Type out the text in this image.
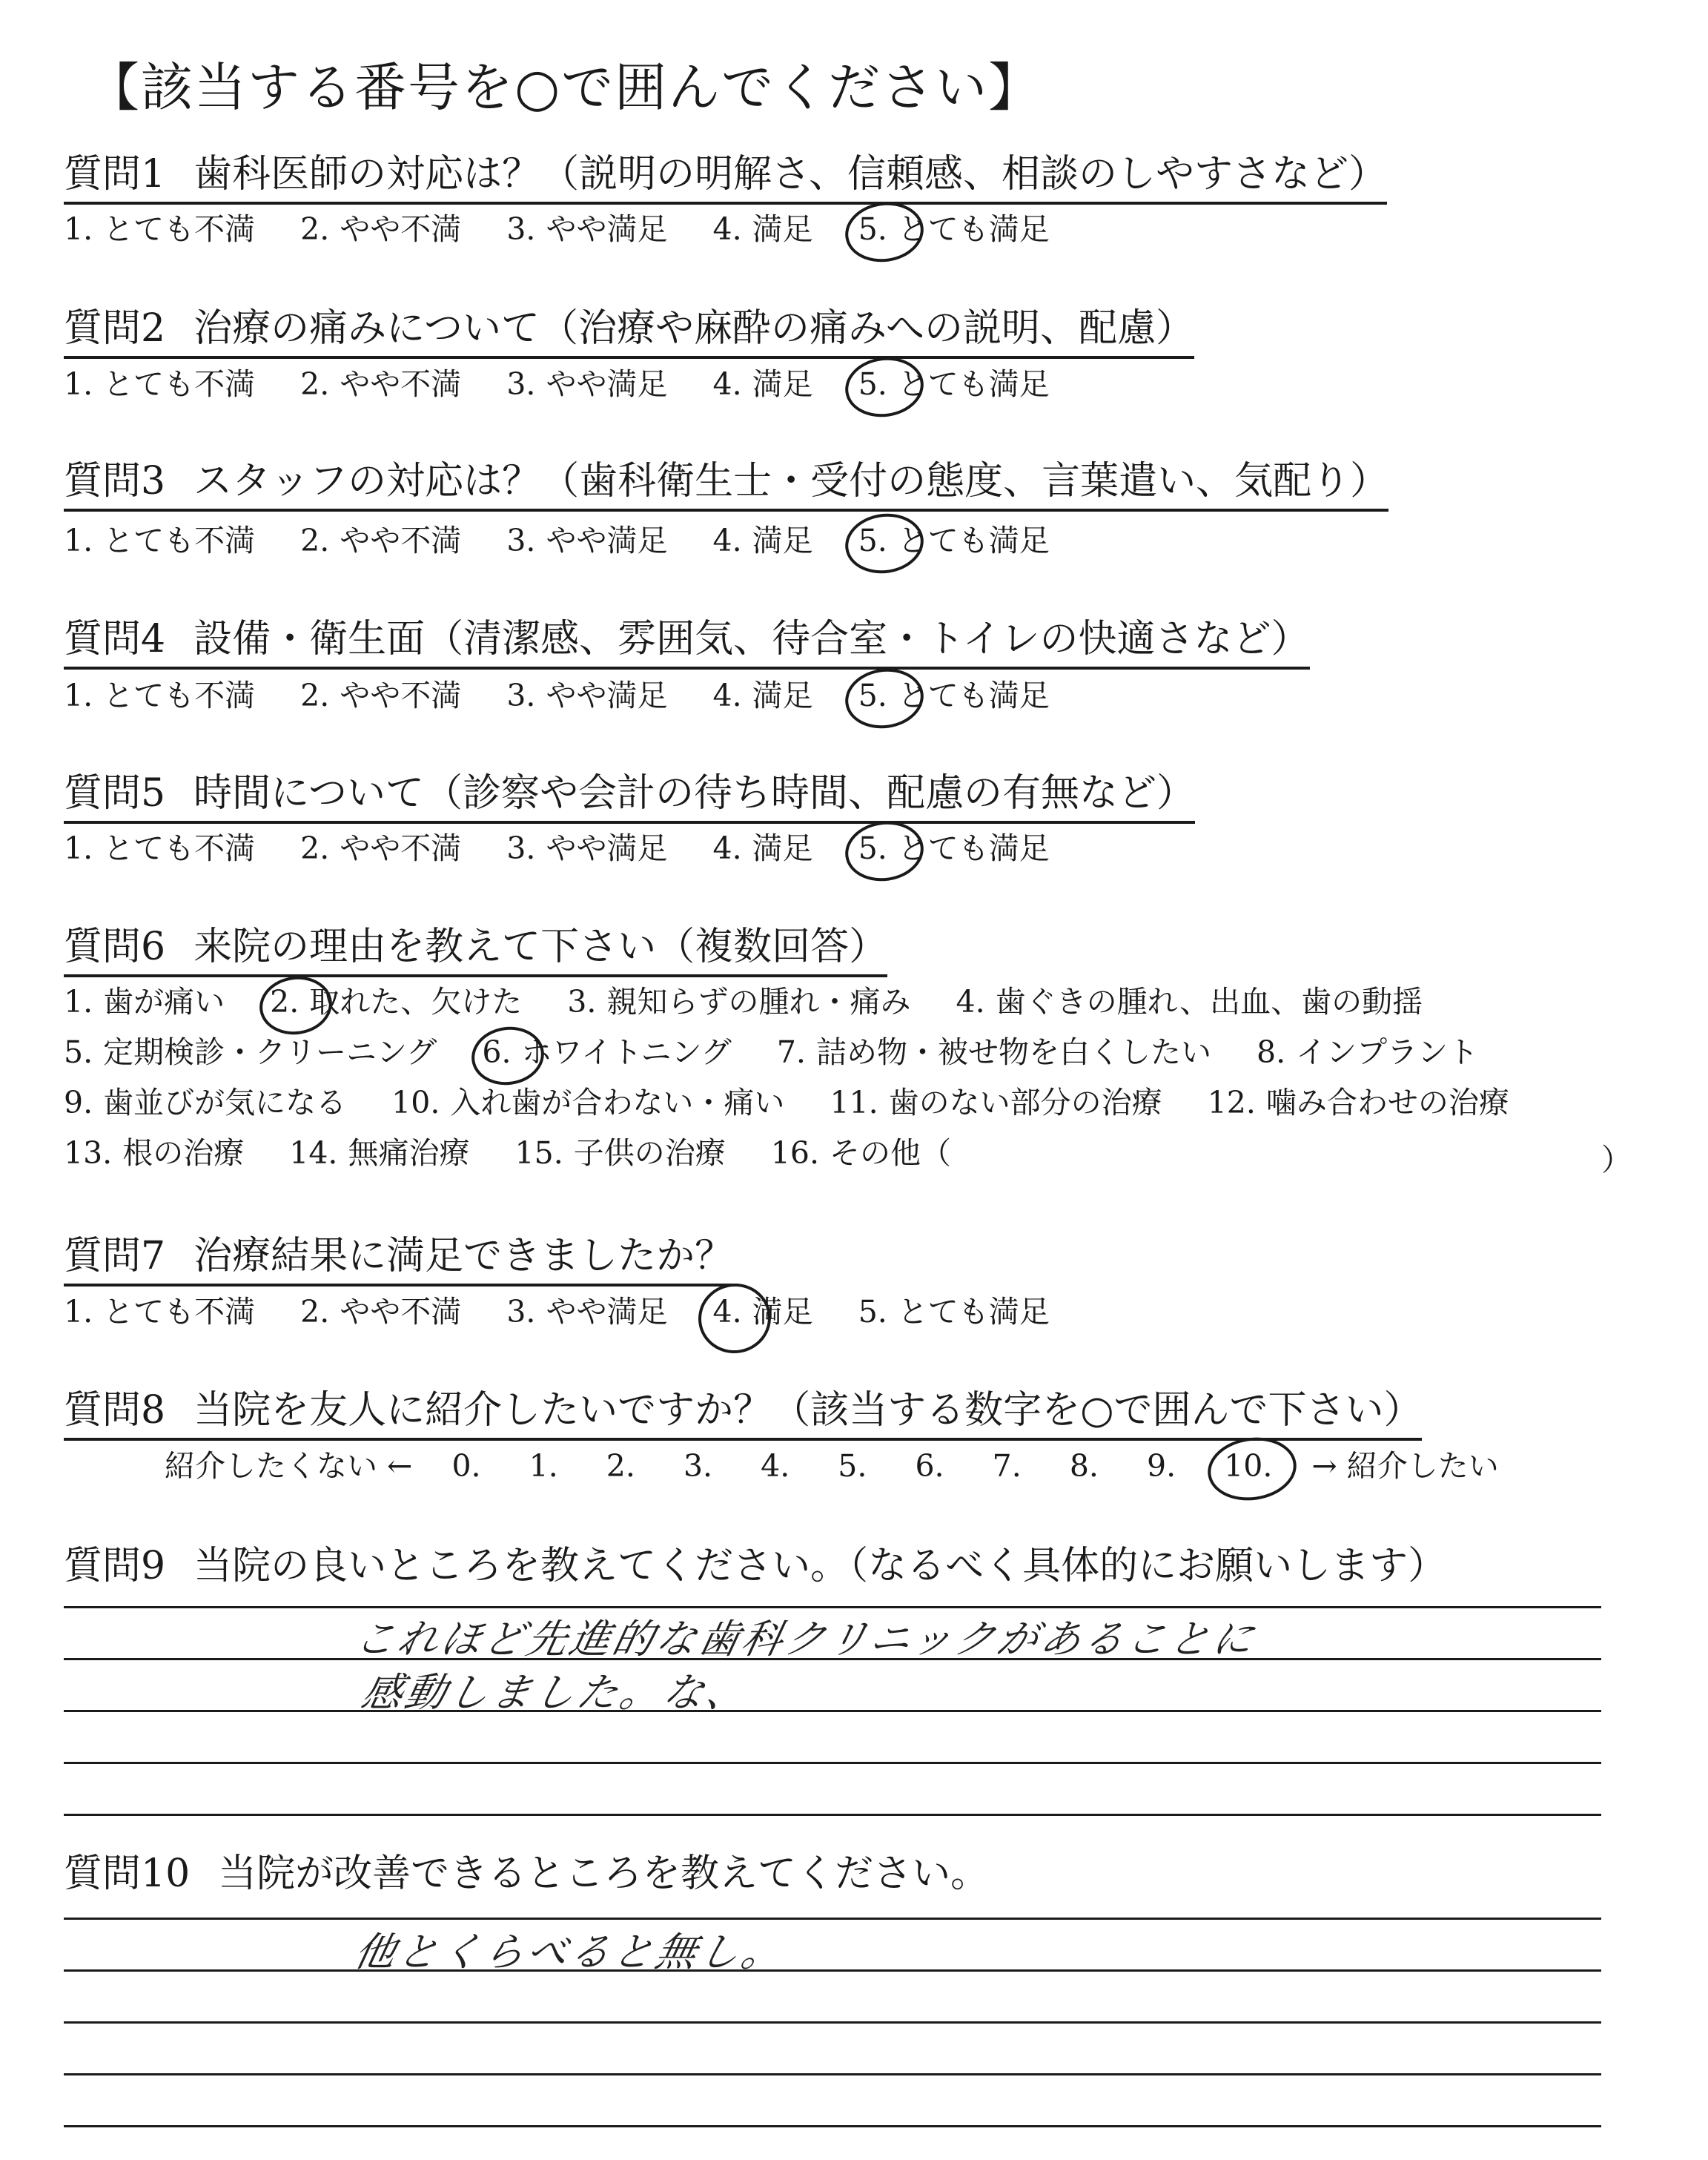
【該当する番号を○で囲んでください】
質問1 歯科医師の対応は？（説明の明解さ、信頼感、相談のしやすさなど）
1. とても不満 2. やや不満 3. やや満足 4. 満足 5. とても満足
質問2 治療の痛みについて（治療や麻酔の痛みへの説明、配慮）
1. とても不満 2. やや不満 3. やや満足 4. 満足 5. とても満足
質問3 スタッフの対応は？（歯科衛生士・受付の態度、言葉遣い、気配り）
1. とても不満 2. やや不満 3. やや満足 4. 満足 5. とても満足
質問4 設備・衛生面（清潔感、雰囲気、待合室・トイレの快適さなど）
1. とても不満 2. やや不満 3. やや満足 4. 満足 5. とても満足
質問5 時間について（診察や会計の待ち時間、配慮の有無など）
1. とても不満 2. やや不満 3. やや満足 4. 満足 5. とても満足
質問6 来院の理由を教えて下さい（複数回答）
1. 歯が痛い 2. 取れた、欠けた 3. 親知らずの腫れ・痛み 4. 歯ぐきの腫れ、出血、歯の動揺
5. 定期検診・クリーニング 6. ホワイトニング 7. 詰め物・被せ物を白くしたい 8. インプラント
9. 歯並びが気になる 10. 入れ歯が合わない・痛い 11. 歯のない部分の治療 12. 噛み合わせの治療
13. 根の治療 14. 無痛治療 15. 子供の治療 16. その他（	）
質問7 治療結果に満足できましたか？
1. とても不満 2. やや不満 3. やや満足 4. 満足 5. とても満足
質問8 当院を友人に紹介したいですか？（該当する数字を○で囲んで下さい）
紹介したくない ← 0. 1. 2. 3. 4. 5. 6. 7. 8. 9. 10. → 紹介したい
質問9 当院の良いところを教えてください。（なるべく具体的にお願いします）
これほど先進的な歯科クリニックがあることに
感動しました。な、
質問10 当院が改善できるところを教えてください。
他とくらべると無し。
